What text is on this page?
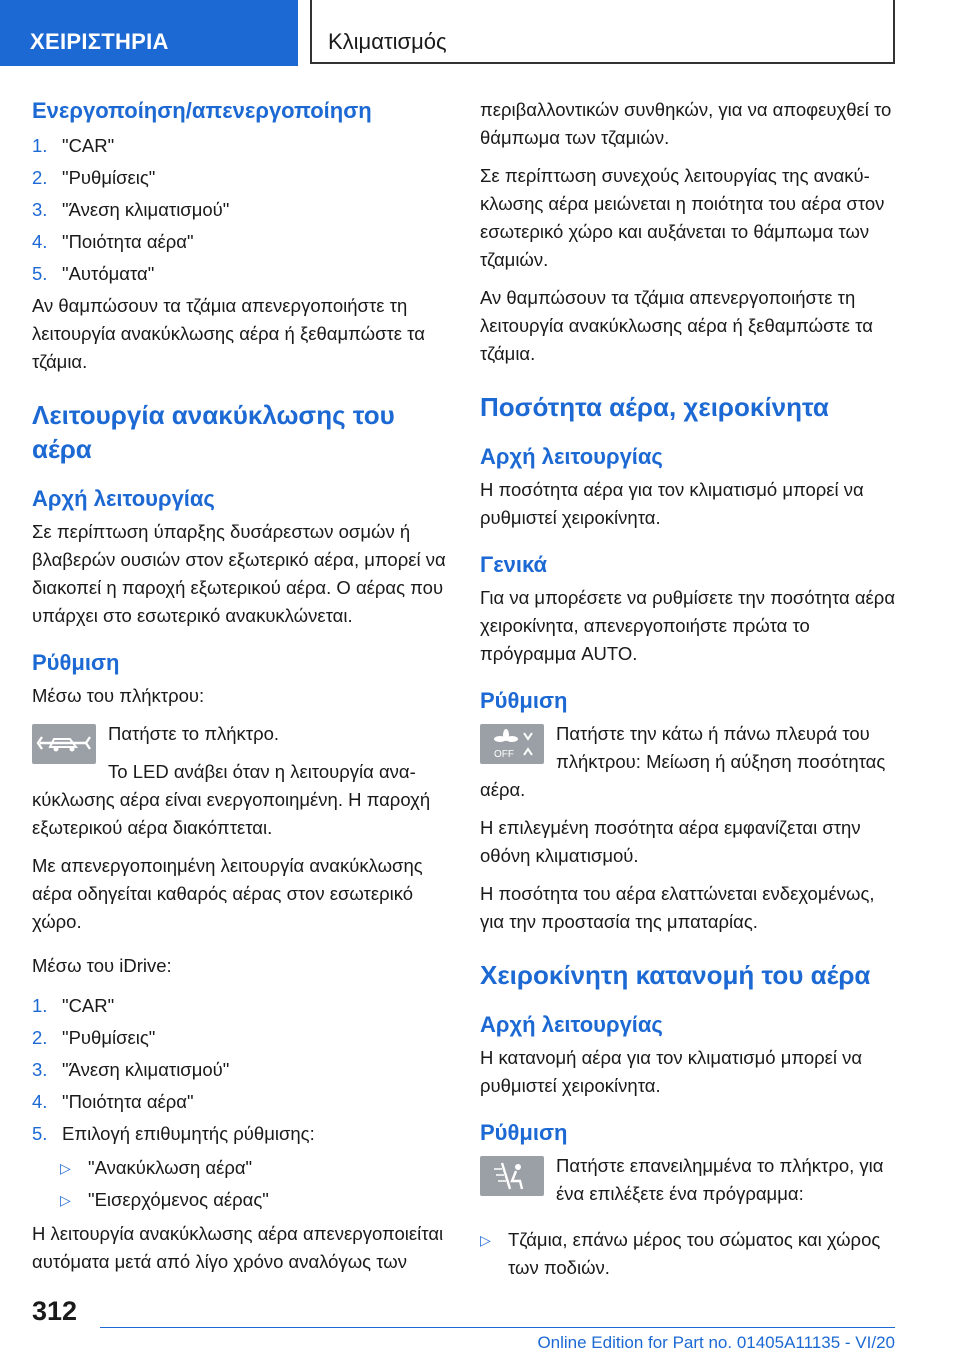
ΧΕΙΡΙΣΤΗΡΙΑ	Κλιματισμός
Ενεργοποίηση/απενεργοποίηση
1. "CAR"
2. "Ρυθμίσεις"
3. "Άνεση κλιματισμού"
4. "Ποιότητα αέρα"
5. "Αυτόματα"

Αν θαμπώσουν τα τζάμια απενεργοποιήστε τη λειτουργία ανακύκλωσης αέρα ή ξεθαμπώστε τα τζάμια.

Λειτουργία ανακύκλωσης του αέρα
Αρχή λειτουργίας

Σε περίπτωση ύπαρξης δυσάρεστων οσμών ή βλαβερών ουσιών στον εξωτερικό αέρα, μπορεί να διακοπεί η παροχή εξωτερικού αέρα. Ο αέρας που υπάρχει στο εσωτερικό ανακυκλώνεται.

Ρύθμιση

Μέσω του πλήκτρου:

Πατήστε το πλήκτρο.

Το LED ανάβει όταν η λειτουργία ανακύκλωσης αέρα είναι ενεργοποιημένη. Η παροχή εξωτερικού αέρα διακόπτεται.

Με απενεργοποιημένη λειτουργία ανακύκλωσης αέρα οδηγείται καθαρός αέρας στον εσωτερικό χώρο.

Μέσω του iDrive:

1. "CAR"
2. "Ρυθμίσεις"
3. "Άνεση κλιματισμού"
4. "Ποιότητα αέρα"
5. Επιλογή επιθυμητής ρύθμισης:
▷ "Ανακύκλωση αέρα"
▷ "Εισερχόμενος αέρας"

Η λειτουργία ανακύκλωσης αέρα απενεργοποιείται αυτόματα μετά από λίγο χρόνο αναλόγως των

περιβαλλοντικών συνθηκών, για να αποφευχθεί το θάμπωμα των τζαμιών.

Σε περίπτωση συνεχούς λειτουργίας της ανακύκλωσης αέρα μειώνεται η ποιότητα του αέρα στον εσωτερικό χώρο και αυξάνεται το θάμπωμα των τζαμιών.

Αν θαμπώσουν τα τζάμια απενεργοποιήστε τη λειτουργία ανακύκλωσης αέρα ή ξεθαμπώστε τα τζάμια.

Ποσότητα αέρα, χειροκίνητα
Αρχή λειτουργίας

Η ποσότητα αέρα για τον κλιματισμό μπορεί να ρυθμιστεί χειροκίνητα.

Γενικά

Για να μπορέσετε να ρυθμίσετε την ποσότητα αέρα χειροκίνητα, απενεργοποιήστε πρώτα το πρόγραμμα AUTO.

Ρύθμιση
OFF

Πατήστε την κάτω ή πάνω πλευρά του πλήκτρου: Μείωση ή αύξηση ποσότητας αέρα.

Η επιλεγμένη ποσότητα αέρα εμφανίζεται στην οθόνη κλιματισμού.

Η ποσότητα του αέρα ελαττώνεται ενδεχομένως, για την προστασία της μπαταρίας.

Χειροκίνητη κατανομή του αέρα
Αρχή λειτουργίας

Η κατανομή αέρα για τον κλιματισμό μπορεί να ρυθμιστεί χειροκίνητα.

Ρύθμιση

Πατήστε επανειλημμένα το πλήκτρο, για ένα επιλέξετε ένα πρόγραμμα:

▷ Τζάμια, επάνω μέρος του σώματος και χώρος των ποδιών.
312
Online Edition for Part no. 01405A11135 - VI/20
